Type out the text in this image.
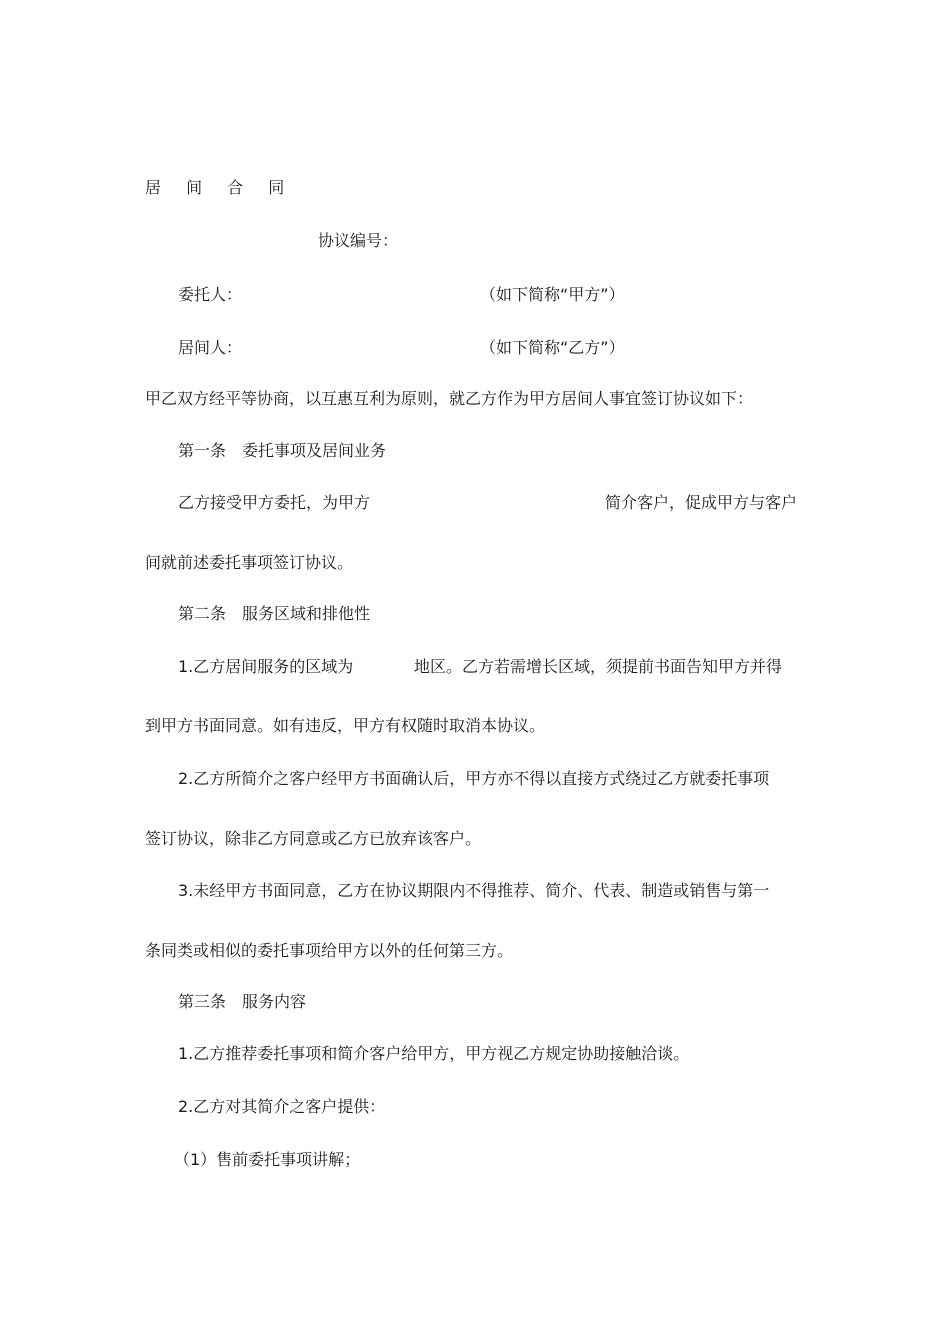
居 间 合 同
协议编号：
委托人：	（如下简称“甲方”）
居间人：	（如下简称“乙方”）
甲乙双方经平等协商，以互惠互利为原则，就乙方作为甲方居间人事宜签订协议如下：
第一条　委托事项及居间业务
乙方接受甲方委托，为甲方	简介客户，促成甲方与客户
间就前述委托事项签订协议。
第二条　服务区域和排他性
1.乙方居间服务的区域为	地区。乙方若需增长区域，须提前书面告知甲方并得
到甲方书面同意。如有违反，甲方有权随时取消本协议。
2.乙方所简介之客户经甲方书面确认后，甲方亦不得以直接方式绕过乙方就委托事项
签订协议，除非乙方同意或乙方已放弃该客户。
3.未经甲方书面同意，乙方在协议期限内不得推荐、简介、代表、制造或销售与第一
条同类或相似的委托事项给甲方以外的任何第三方。
第三条　服务内容
1.乙方推荐委托事项和简介客户给甲方，甲方视乙方规定协助接触洽谈。
2.乙方对其简介之客户提供：
（1）售前委托事项讲解；
